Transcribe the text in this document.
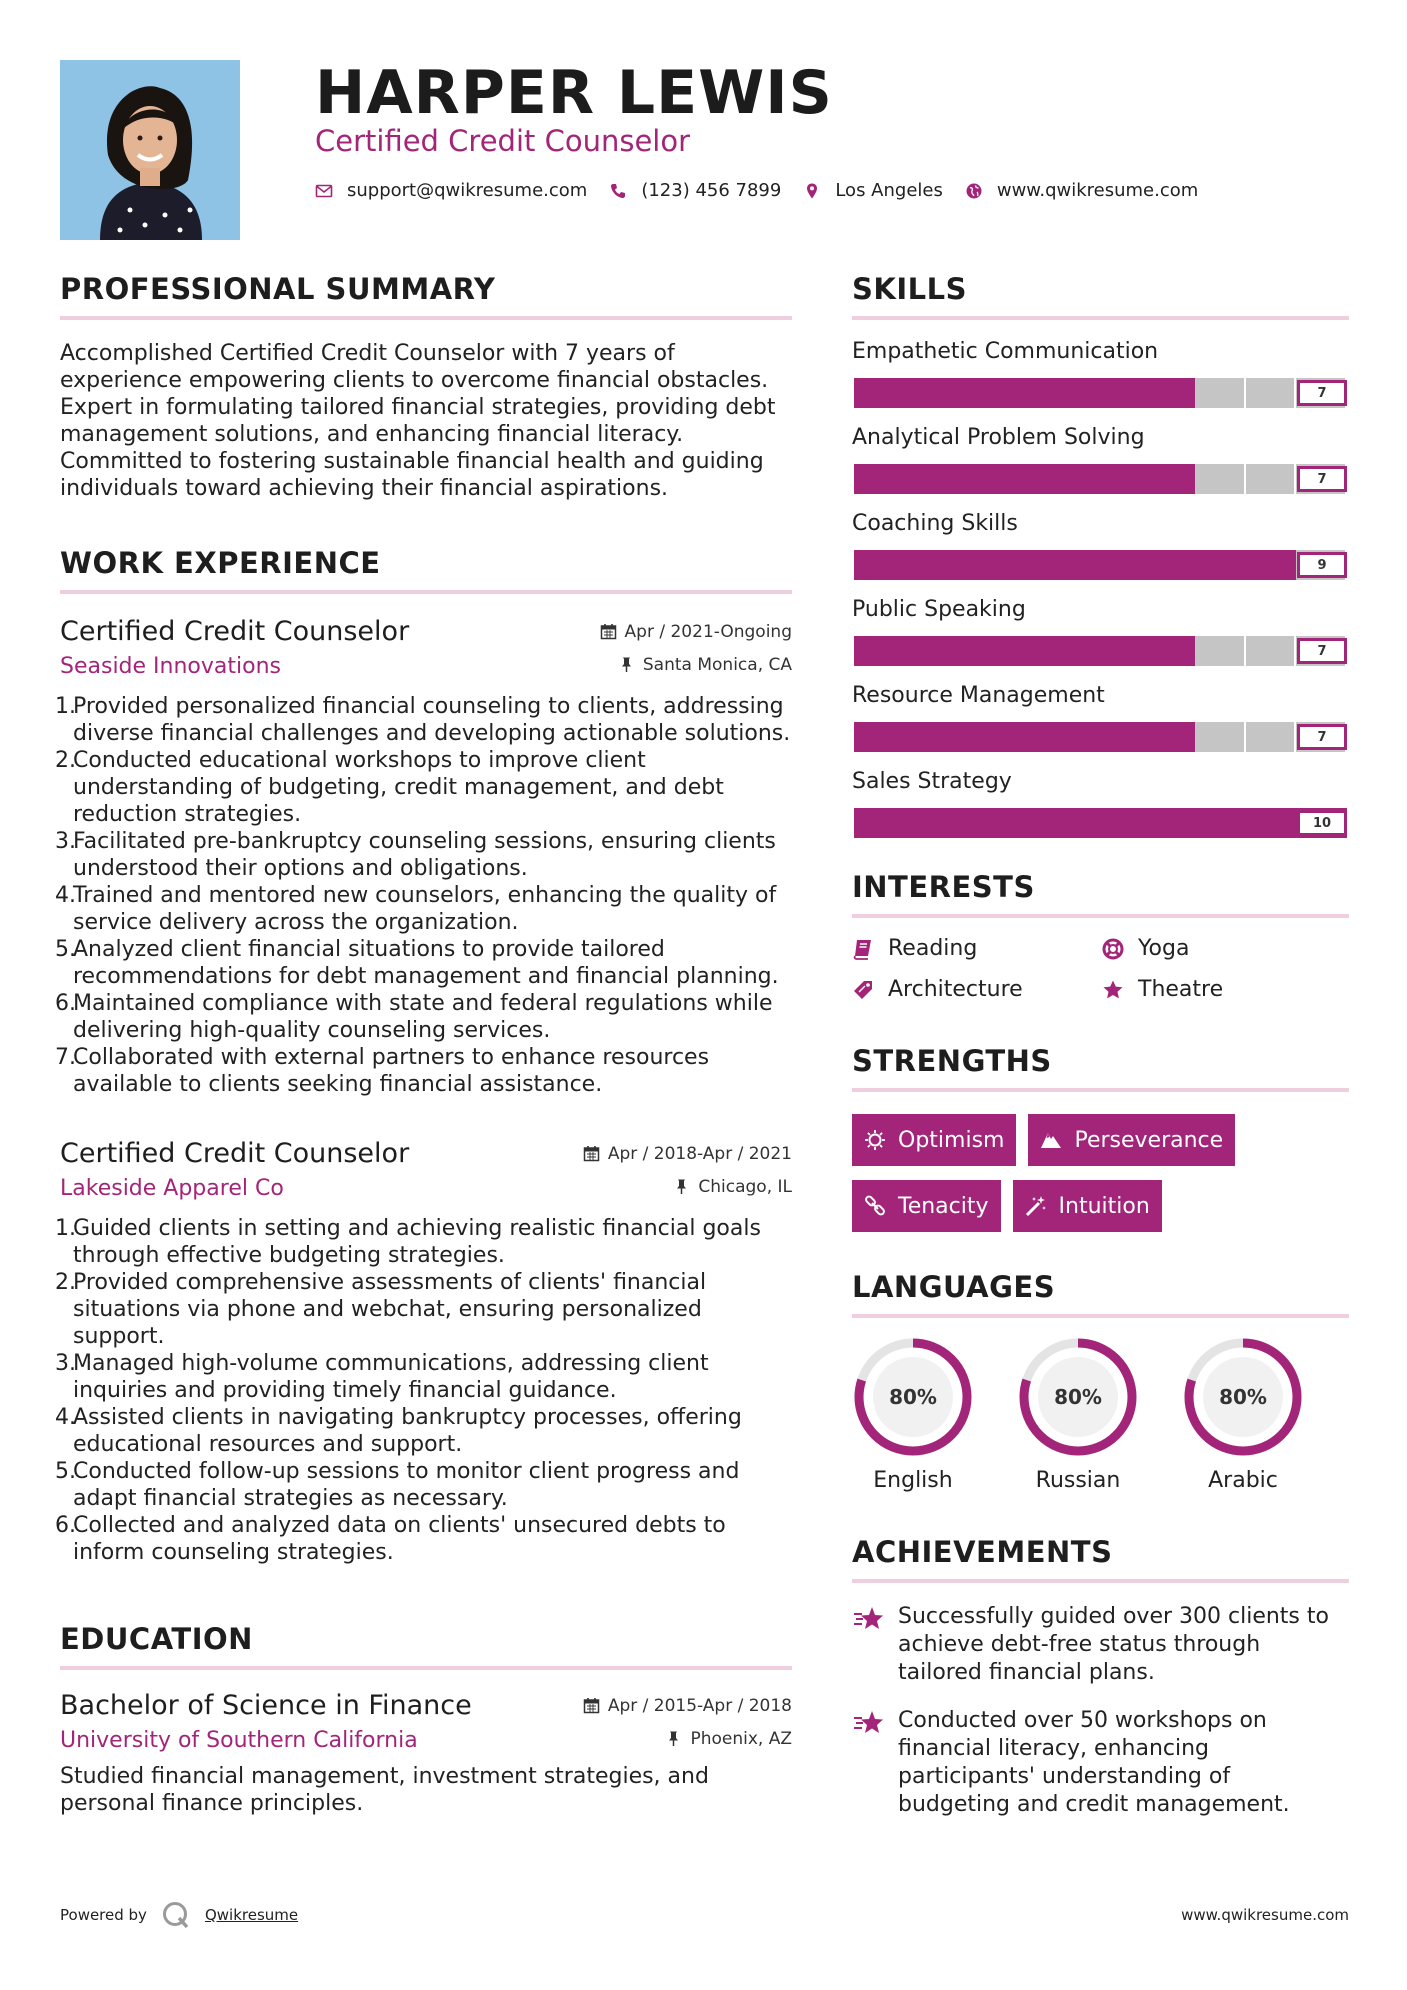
HARPER LEWIS
Certified Credit Counselor
support@qwikresume.com	(123) 456 7899	Los Angeles	www.qwikresume.com
PROFESSIONAL SUMMARY

Accomplished Certified Credit Counselor with 7 years of experience empowering clients to overcome financial obstacles. Expert in formulating tailored financial strategies, providing debt management solutions, and enhancing financial literacy. Committed to fostering sustainable financial health and guiding individuals toward achieving their financial aspirations.

WORK EXPERIENCE
Certified Credit Counselor	Apr / 2021-Ongoing
Seaside Innovations	Santa Monica, CA
1.
Provided personalized financial counseling to clients, addressing diverse financial challenges and developing actionable solutions.
2.
Conducted educational workshops to improve client understanding of budgeting, credit management, and debt reduction strategies.
3.
Facilitated pre-bankruptcy counseling sessions, ensuring clients understood their options and obligations.
4.
Trained and mentored new counselors, enhancing the quality of service delivery across the organization.
5.
Analyzed client financial situations to provide tailored recommendations for debt management and financial planning.
6.
Maintained compliance with state and federal regulations while delivering high-quality counseling services.
7.
Collaborated with external partners to enhance resources available to clients seeking financial assistance.
Certified Credit Counselor	Apr / 2018-Apr / 2021
Lakeside Apparel Co	Chicago, IL
1.
Guided clients in setting and achieving realistic financial goals through effective budgeting strategies.
2.
Provided comprehensive assessments of clients' financial situations via phone and webchat, ensuring personalized support.
3.
Managed high-volume communications, addressing client inquiries and providing timely financial guidance.
4.
Assisted clients in navigating bankruptcy processes, offering educational resources and support.
5.
Conducted follow-up sessions to monitor client progress and adapt financial strategies as necessary.
6.
Collected and analyzed data on clients' unsecured debts to inform counseling strategies.
EDUCATION
Bachelor of Science in Finance	Apr / 2015-Apr / 2018
University of Southern California	Phoenix, AZ

Studied financial management, investment strategies, and personal finance principles.

SKILLS
Empathetic Communication
7
Analytical Problem Solving
7
Coaching Skills
9
Public Speaking
7
Resource Management
7
Sales Strategy
10
INTERESTS
Reading	Yoga
Architecture	Theatre
STRENGTHS
Optimism	Perseverance
Tenacity	Intuition
LANGUAGES
80%
English
80%
Russian
80%
Arabic
ACHIEVEMENTS
Successfully guided over 300 clients to achieve debt-free status through tailored financial plans.
Conducted over 50 workshops on financial literacy, enhancing participants' understanding of budgeting and credit management.
Powered by	Qwikresume	www.qwikresume.com
